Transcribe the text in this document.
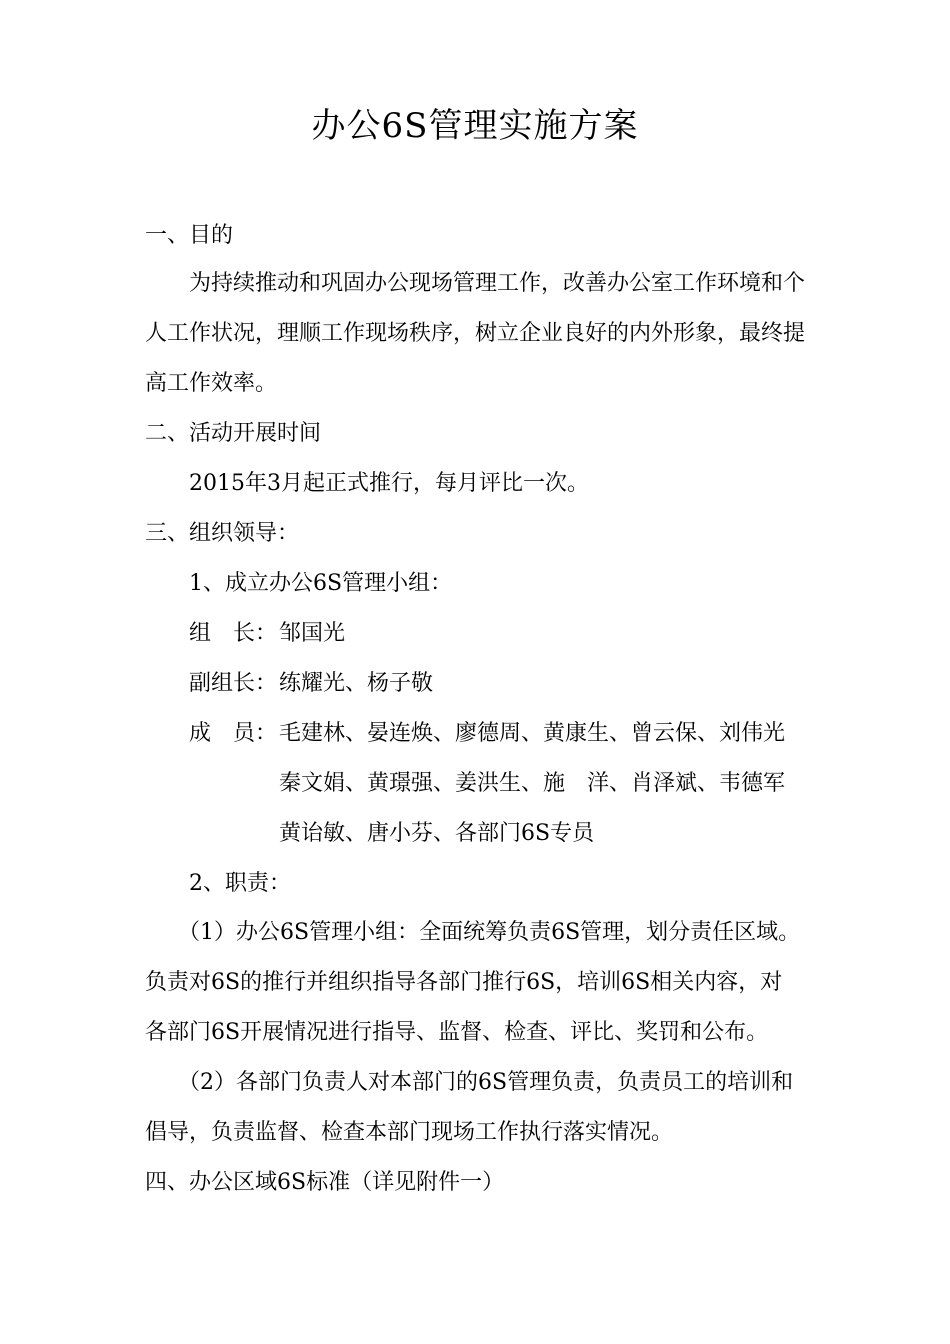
办公6S管理实施方案
一、目的
为持续推动和巩固办公现场管理工作，改善办公室工作环境和个
人工作状况，理顺工作现场秩序，树立企业良好的内外形象，最终提
高工作效率。
二、活动开展时间
2015年3月起正式推行，每月评比一次。
三、组织领导：
1、成立办公6S管理小组：
组　长：邹国光
副组长：练耀光、杨子敬
成　员：毛建林、晏连焕、廖德周、黄康生、曾云保、刘伟光
秦文娟、黄璟强、姜洪生、施　洋、肖泽斌、韦德军
黄诒敏、唐小芬、各部门6S专员
2、职责：
（1）办公6S管理小组：全面统筹负责6S管理，划分责任区域。
负责对6S的推行并组织指导各部门推行6S，培训6S相关内容，对
各部门6S开展情况进行指导、监督、检查、评比、奖罚和公布。
（2）各部门负责人对本部门的6S管理负责，负责员工的培训和
倡导，负责监督、检查本部门现场工作执行落实情况。
四、办公区域6S标准（详见附件一）
